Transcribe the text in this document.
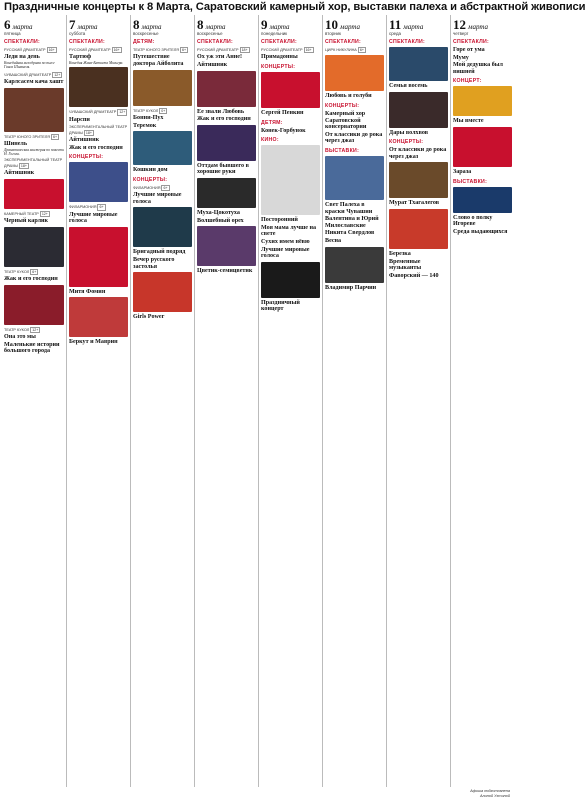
Праздничные концерты к 8 Марта, Саратовский камерный хор, выставки палеха и абстрактной живописи
6 марта
пятница
СПЕКТАКЛИ:
РУССКИЙ ДРАМТЕАТР 16+
Леди на день
Комедийная мелодрама по пьесе Ганса Шиммеля.
ЧУВАШСКИЙ ДРАМТЕАТР 12+
Карлсасем кача хашт
ТЕАТР ЮНОГО ЗРИТЕЛЯ 6+
Шинель
Драматическая мистерия по повести Н. Гоголя.
ЭКСПЕРИМЕНТАЛЬНЫЙ ТЕАТР ДРАМЫ 18+
Айтишник
КАМЕРНЫЙ ТЕАТР 12+
Черный карлик
ТЕАТР КУКОЛ 6+
Жак и его господин
ТЕАТР КУКОЛ 12+
Она это мы
Маленькие истории большого города
7 марта
суббота
СПЕКТАКЛИ:
РУССКИЙ ДРАМТЕАТР 16+
Тартюф
Комедия Жана-Батиста Мольера.
ЧУВАШСКИЙ ДРАМТЕАТР 12+
Нарспи
ЭКСПЕРИМЕНТАЛЬНЫЙ ТЕАТР ДРАМЫ 18+
Айтишник
Жак и его господин
КОНЦЕРТЫ:
ФИЛАРМОНИЯ 6+
Лучшие мировые голоса
Митя Фомин
Беркут и Маврин
8 марта
воскресенье
ДЕТЯМ:
ТЕАТР ЮНОГО ЗРИТЕЛЯ 6+
Путешествие доктора Айболита
ТЕАТР КУКОЛ 0+
Бонни-Пух
Теремок
Кошкин дом
КОНЦЕРТЫ:
ФИЛАРМОНИЯ 6+
Лучшие мировые голоса
Бригадный подряд
Вечер русского застолья
Girls Power
8 марта
воскресенье
СПЕКТАКЛИ:
РУССКИЙ ДРАМТЕАТР 18+
Ох уж эти Анне!
Айтишник
Ее звали Любовь
Жак и его господин
Оттдам бывшего в хорошие руки
Муха-Цокотуха
Волшебный орех
Цветик-семицветик
9 марта
понедельник
СПЕКТАКЛИ:
РУССКИЙ ДРАМТЕАТР 16+
Примадонны
КОНЦЕРТЫ:
Сергей Пенкин
ДЕТЯМ:
Конек-Горбунок
КИНО:
Посторонний
Моя мама лучше на свете
Сухих имем нёвю
Лучшие мировые голоса
Праздничный концерт
10 марта
вторник
СПЕКТАКЛИ:
ЦИРК НИКУЛИНА 6+
Любовь и голуби
КОНЦЕРТЫ:
Камерный хор Саратовской консерватории
От классики до рока через джаз
ВЫСТАВКИ:
Свет Палеха в краски Чувашии
Валентина и Юрий Милославские
Никита Свердлов
Весна
Владимир Парчин
11 марта
среда
СПЕКТАКЛИ:
Семья восемь
Дары волхвов
КОНЦЕРТЫ:
От классики до рока через джаз
Мурат Тхагалегов
Березка
Временные музыканты
Фаворский — 140
12 марта
четверг
СПЕКТАКЛИ:
Горе от ума
Муму
Мой дедушка был вишней
КОНЦЕРТ:
Мы вместе
Зараза
ВЫСТАВКИ:
Слово о полку Игореве
Среда выдающихся
Афиша подготовлена
Алиной Ухтиной
